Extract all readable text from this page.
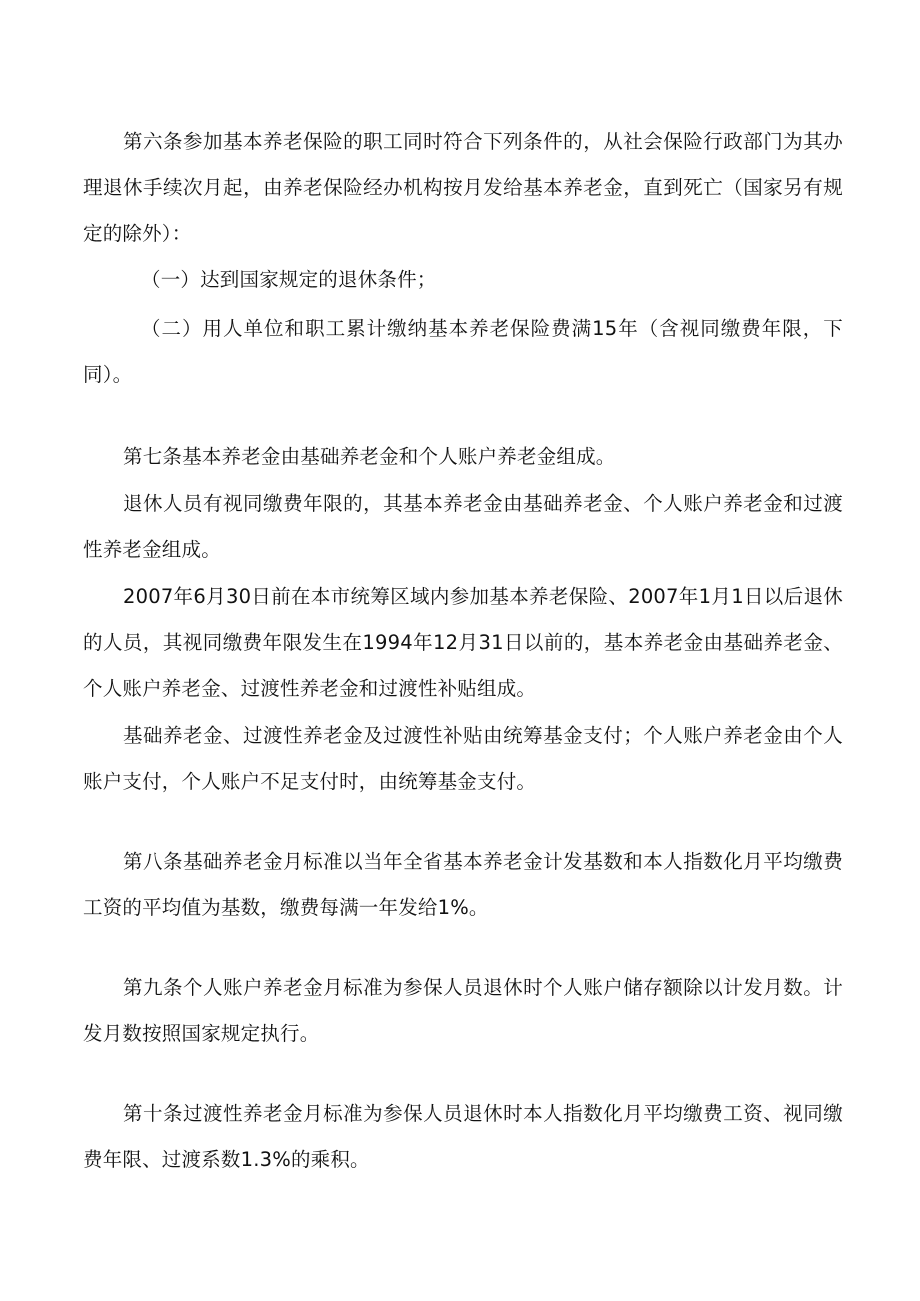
第六条参加基本养老保险的职工同时符合下列条件的，从社会保险行政部门为其办理退休手续次月起，由养老保险经办机构按月发给基本养老金，直到死亡（国家另有规定的除外）：

（一）达到国家规定的退休条件；

（二）用人单位和职工累计缴纳基本养老保险费满15年（含视同缴费年限，下同）。

第七条基本养老金由基础养老金和个人账户养老金组成。

退休人员有视同缴费年限的，其基本养老金由基础养老金、个人账户养老金和过渡性养老金组成。

2007年6月30日前在本市统筹区域内参加基本养老保险、2007年1月1日以后退休的人员，其视同缴费年限发生在1994年12月31日以前的，基本养老金由基础养老金、个人账户养老金、过渡性养老金和过渡性补贴组成。

基础养老金、过渡性养老金及过渡性补贴由统筹基金支付；个人账户养老金由个人账户支付，个人账户不足支付时，由统筹基金支付。

第八条基础养老金月标准以当年全省基本养老金计发基数和本人指数化月平均缴费工资的平均值为基数，缴费每满一年发给1%。

第九条个人账户养老金月标准为参保人员退休时个人账户储存额除以计发月数。计发月数按照国家规定执行。

第十条过渡性养老金月标准为参保人员退休时本人指数化月平均缴费工资、视同缴费年限、过渡系数1.3%的乘积。
